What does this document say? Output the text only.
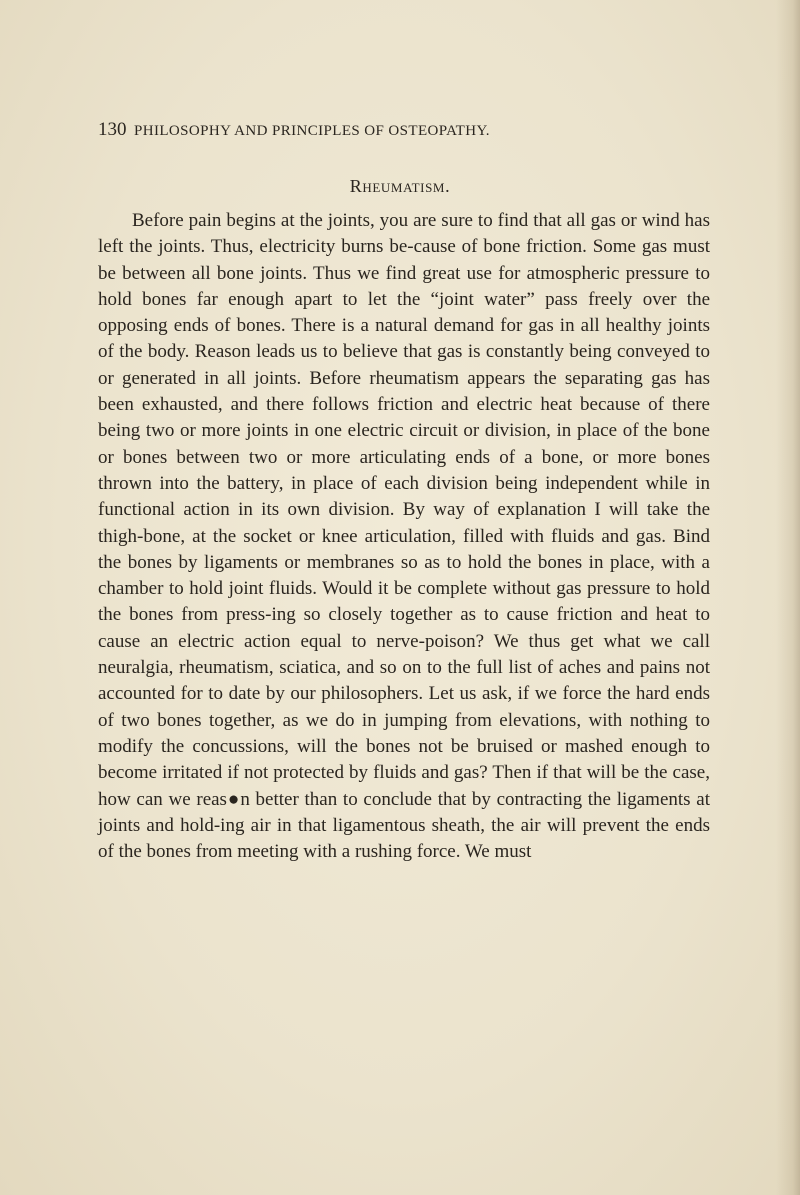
130 PHILOSOPHY AND PRINCIPLES OF OSTEOPATHY.
Rheumatism.

Before pain begins at the joints, you are sure to find that all gas or wind has left the joints. Thus, electricity burns be-cause of bone friction. Some gas must be between all bone joints. Thus we find great use for atmospheric pressure to hold bones far enough apart to let the “joint water” pass freely over the opposing ends of bones. There is a natural demand for gas in all healthy joints of the body. Reason leads us to believe that gas is constantly being conveyed to or generated in all joints. Before rheumatism appears the separating gas has been exhausted, and there follows friction and electric heat because of there being two or more joints in one electric circuit or division, in place of the bone or bones between two or more articulating ends of a bone, or more bones thrown into the battery, in place of each division being independent while in functional action in its own division. By way of explanation I will take the thigh-bone, at the socket or knee articulation, filled with fluids and gas. Bind the bones by ligaments or membranes so as to hold the bones in place, with a chamber to hold joint fluids. Would it be complete without gas pressure to hold the bones from press-ing so closely together as to cause friction and heat to cause an electric action equal to nerve-poison? We thus get what we call neuralgia, rheumatism, sciatica, and so on to the full list of aches and pains not accounted for to date by our philosophers. Let us ask, if we force the hard ends of two bones together, as we do in jumping from elevations, with nothing to modify the concussions, will the bones not be bruised or mashed enough to become irritated if not protected by fluids and gas? Then if that will be the case, how can we reas●n better than to conclude that by contracting the ligaments at joints and hold-ing air in that ligamentous sheath, the air will prevent the ends of the bones from meeting with a rushing force. We must
